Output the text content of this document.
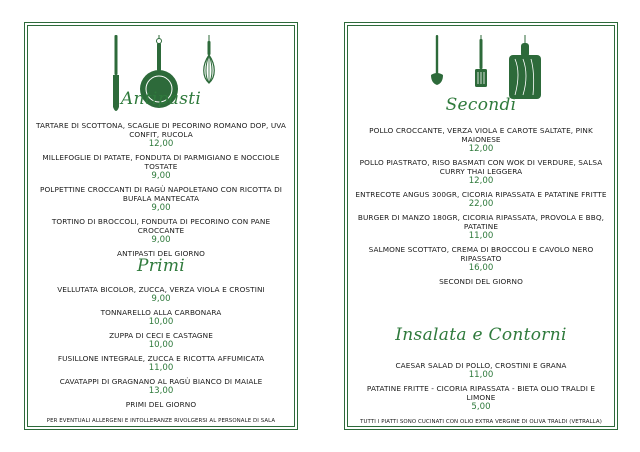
Antipasti
TARTARE DI SCOTTONA, SCAGLIE DI PECORINO ROMANO DOP, UVA CONFIT, RUCOLA
12,00
MILLEFOGLIE DI PATATE, FONDUTA DI PARMIGIANO E NOCCIOLE TOSTATE
9,00
POLPETTINE CROCCANTI DI RAGÙ NAPOLETANO CON RICOTTA DI BUFALA MANTECATA
9,00
TORTINO DI BROCCOLI, FONDUTA DI PECORINO CON PANE CROCCANTE
9,00
ANTIPASTI DEL GIORNO
Primi
VELLUTATA BICOLOR, ZUCCA, VERZA VIOLA E CROSTINI
9,00
TONNARELLO ALLA CARBONARA
10,00
ZUPPA DI CECI E CASTAGNE
10,00
FUSILLONE INTEGRALE, ZUCCA E RICOTTA AFFUMICATA
11,00
CAVATAPPI DI GRAGNANO AL RAGÙ BIANCO DI MAIALE
13,00
PRIMI DEL GIORNO
PER EVENTUALI ALLERGENI E INTOLLERANZE RIVOLGERSI AL PERSONALE DI SALA
Secondi
POLLO CROCCANTE, VERZA VIOLA E CAROTE SALTATE, PINK MAIONESE
12,00
POLLO PIASTRATO, RISO BASMATI CON WOK DI VERDURE, SALSA CURRY THAI LEGGERA
12,00
ENTRECOTE ANGUS 300GR, CICORIA RIPASSATA E PATATINE FRITTE
22,00
BURGER DI MANZO 180GR, CICORIA RIPASSATA, PROVOLA E BBQ, PATATINE
11,00
SALMONE SCOTTATO, CREMA DI BROCCOLI E CAVOLO NERO RIPASSATO
16,00
SECONDI DEL GIORNO
Insalata e Contorni
CAESAR SALAD DI POLLO, CROSTINI E GRANA
11,00
PATATINE FRITTE - CICORIA RIPASSATA - BIETA OLIO TRALDI E LIMONE
5,00
TUTTI I PIATTI SONO CUCINATI CON OLIO EXTRA VERGINE DI OLIVA TRALDI (VETRALLA)
